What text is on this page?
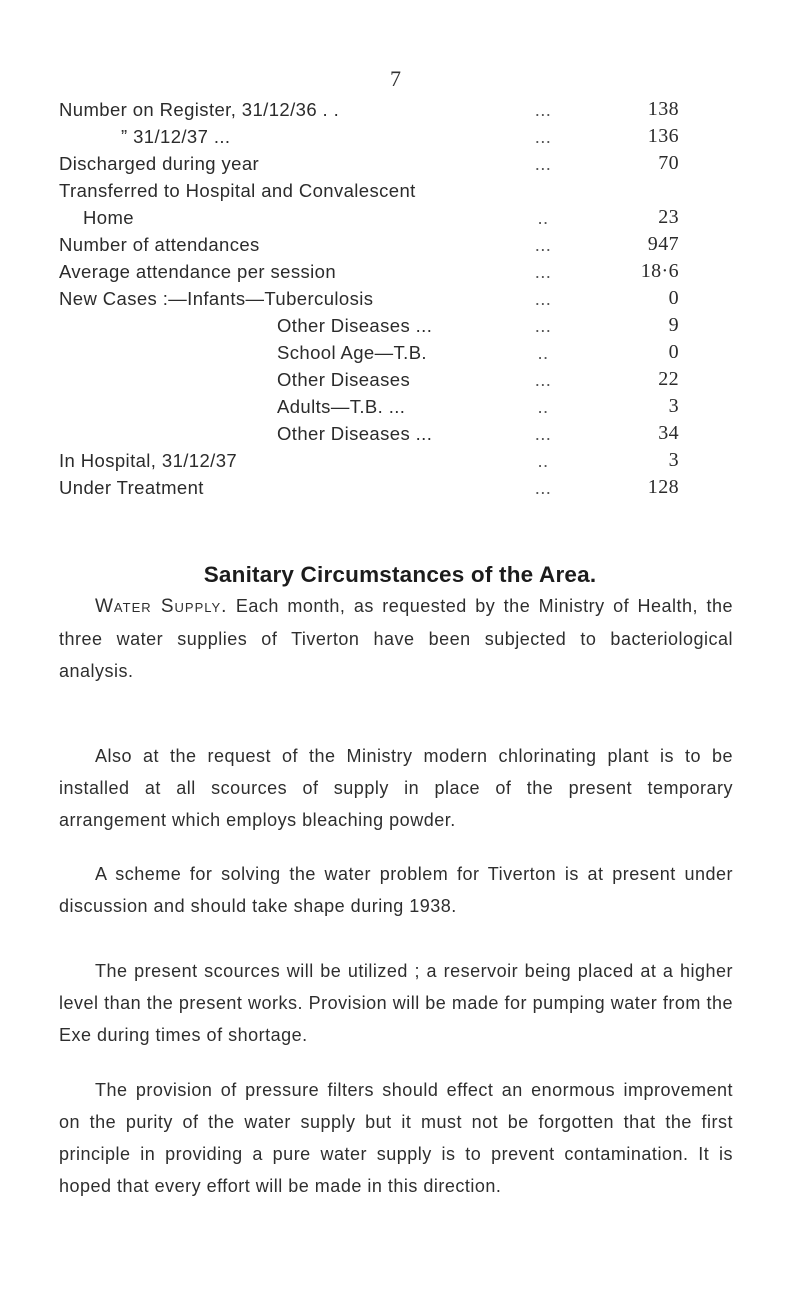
7
Number on Register, 31/12/36 . .	...	138
” 31/12/37 ...	...	136
Discharged during year	...	70
Transferred to Hospital and Convalescent
Home	..	23
Number of attendances	...	947
Average attendance per session	...	18·6
New Cases :—Infants—Tuberculosis	...	0
Other Diseases ...	...	9
School Age—T.B.	..	0
Other Diseases	...	22
Adults—T.B. ...	..	3
Other Diseases ...	...	34
In Hospital, 31/12/37	..	3
Under Treatment	...	128
Sanitary Circumstances of the Area.

Water Supply. Each month, as requested by the Ministry of Health, the three water supplies of Tiverton have been subjected to bacteriological analysis.

Also at the request of the Ministry modern chlorinating plant is to be installed at all scources of supply in place of the present temporary arrangement which employs bleaching powder.

A scheme for solving the water problem for Tiverton is at present under discussion and should take shape during 1938.

The present scources will be utilized ; a reservoir being placed at a higher level than the present works. Provision will be made for pumping water from the Exe during times of shortage.

The provision of pressure filters should effect an enormous improvement on the purity of the water supply but it must not be forgotten that the first principle in providing a pure water supply is to prevent contamination. It is hoped that every effort will be made in this direction.
